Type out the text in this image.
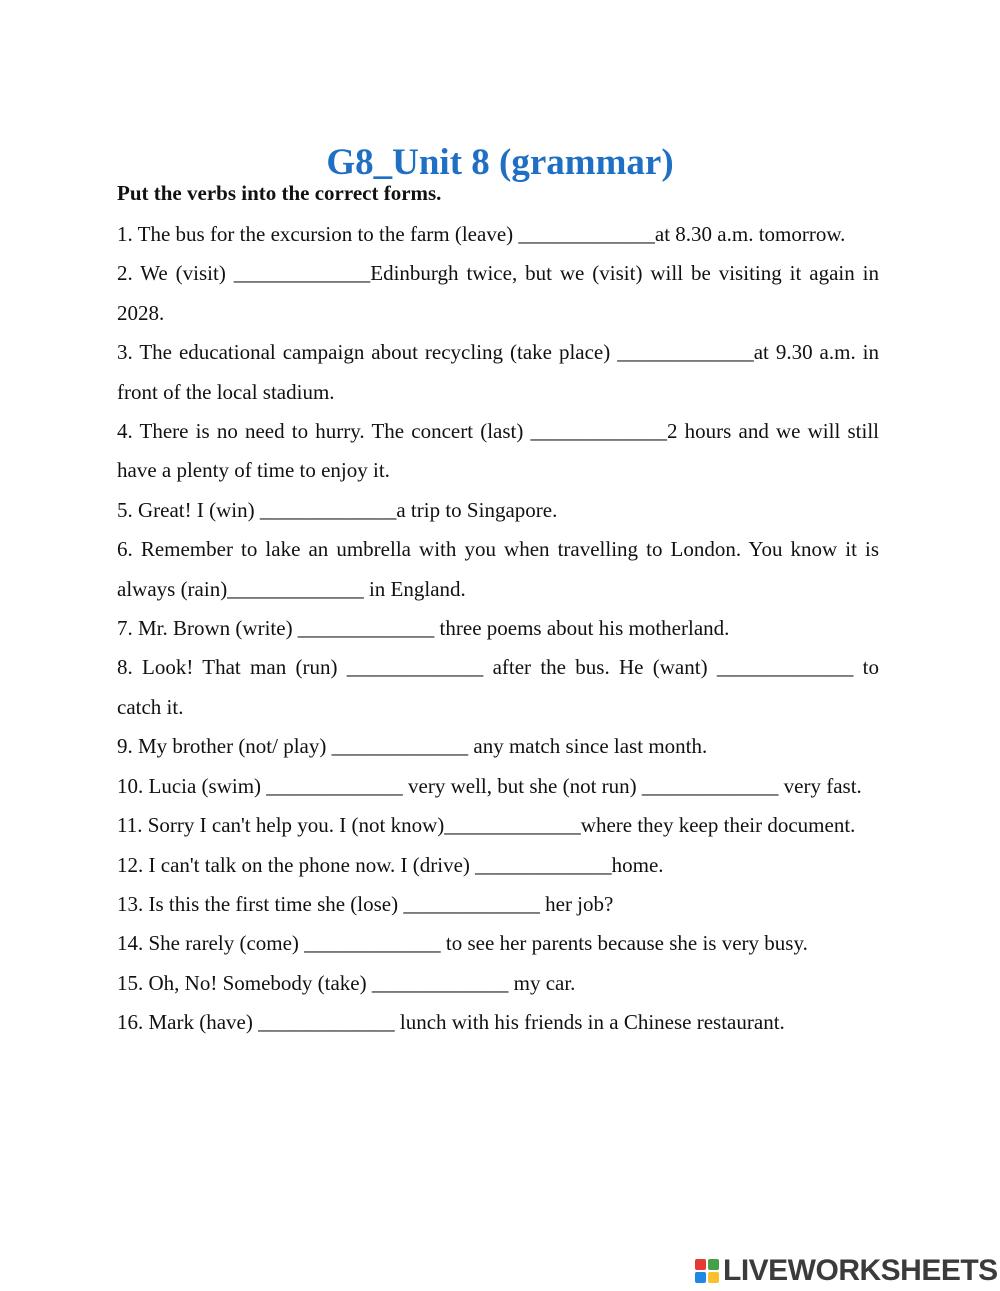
G8_Unit 8 (grammar)
Put the verbs into the correct forms.

1. The bus for the excursion to the farm (leave) _____________at 8.30 a.m. tomorrow.

2. We (visit) _____________Edinburgh twice, but we (visit) will be visiting it again in 2028.

3. The educational campaign about recycling (take place) _____________at 9.30 a.m. in front of the local stadium.

4. There is no need to hurry. The concert (last) _____________2 hours and we will still have a plenty of time to enjoy it.

5. Great! I (win) _____________a trip to Singapore.

6. Remember to lake an umbrella with you when travelling to London. You know it is always (rain)_____________ in England.

7. Mr. Brown (write) _____________ three poems about his motherland.

8. Look! That man (run) _____________ after the bus. He (want) _____________ to catch it.

9. My brother (not/ play) _____________ any match since last month.

10. Lucia (swim) _____________ very well, but she (not run) _____________ very fast.

11. Sorry I can't help you. I (not know)_____________where they keep their document.

12. I can't talk on the phone now. I (drive) _____________home.

13. Is this the first time she (lose) _____________ her job?

14. She rarely (come) _____________ to see her parents because she is very busy.

15. Oh, No! Somebody (take) _____________ my car.

16. Mark (have) _____________ lunch with his friends in a Chinese restaurant.

LIVEWORKSHEETS
